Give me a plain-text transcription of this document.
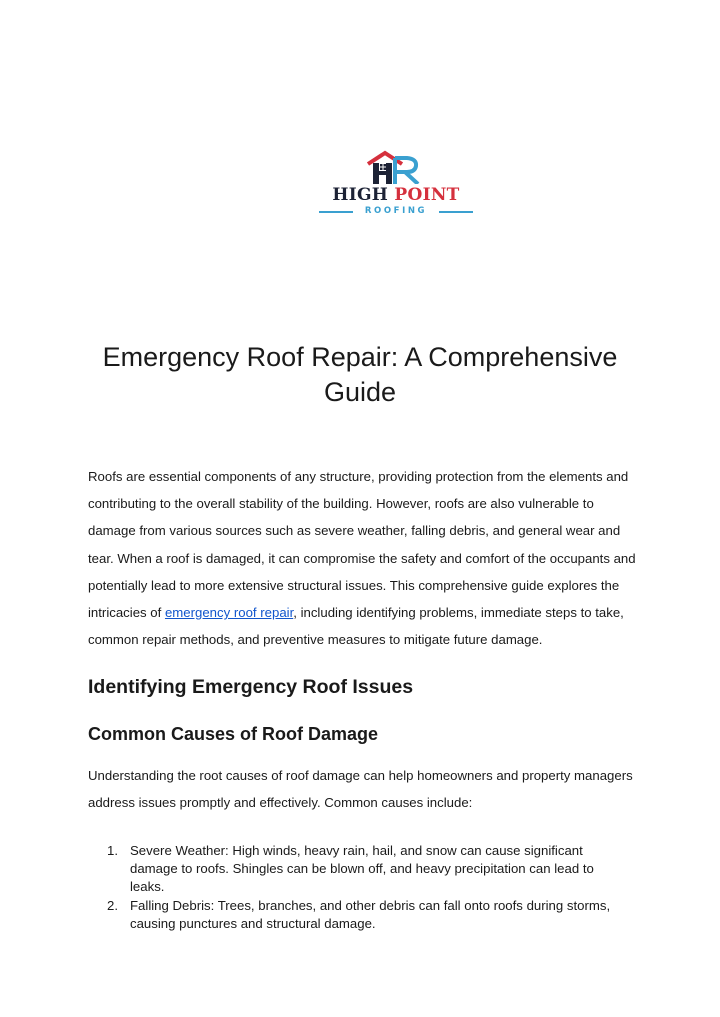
HIGH POINT
ROOFING
Emergency Roof Repair: A Comprehensive Guide

Roofs are essential components of any structure, providing protection from the elements and contributing to the overall stability of the building. However, roofs are also vulnerable to damage from various sources such as severe weather, falling debris, and general wear and tear. When a roof is damaged, it can compromise the safety and comfort of the occupants and potentially lead to more extensive structural issues. This comprehensive guide explores the intricacies of emergency roof repair, including identifying problems, immediate steps to take, common repair methods, and preventive measures to mitigate future damage.

Identifying Emergency Roof Issues
Common Causes of Roof Damage

Understanding the root causes of roof damage can help homeowners and property managers address issues promptly and effectively. Common causes include:

1. Severe Weather: High winds, heavy rain, hail, and snow can cause significant damage to roofs. Shingles can be blown off, and heavy precipitation can lead to leaks.
2. Falling Debris: Trees, branches, and other debris can fall onto roofs during storms, causing punctures and structural damage.
